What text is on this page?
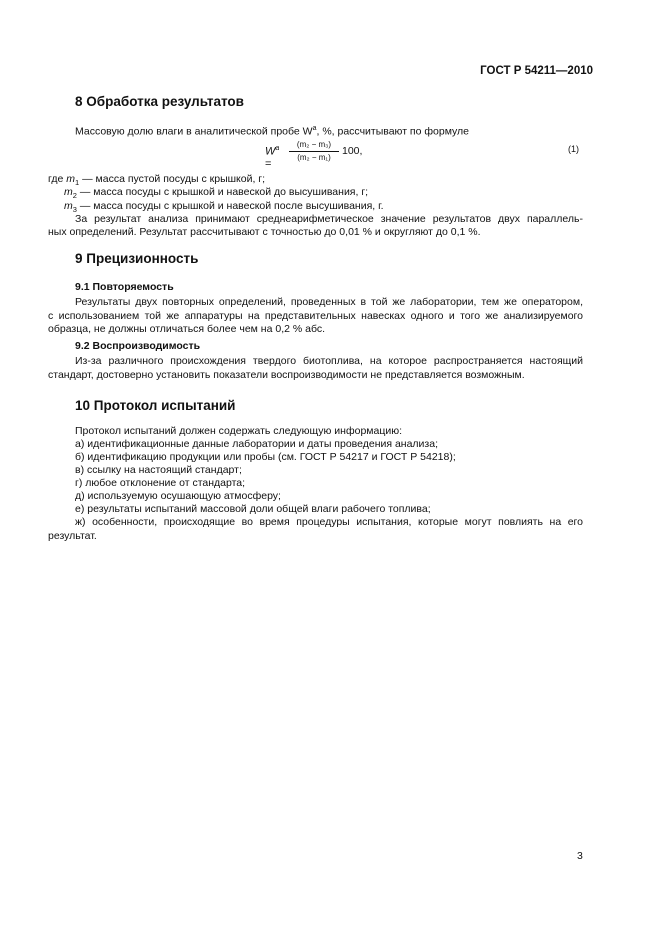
ГОСТ Р 54211—2010
8 Обработка результатов
Массовую долю влаги в аналитической пробе $W^a$, %, рассчитывают по формуле
$W^a$ =
(m₂ − m₃)
(m₂ − m₁)
100,	(1)
где $m_1$ — масса пустой посуды с крышкой, г;
$m_2$ — масса посуды с крышкой и навеской до высушивания, г;
$m_3$ — масса посуды с крышкой и навеской после высушивания, г.
За результат анализа принимают среднеарифметическое значение результатов двух параллель-
ных определений. Результат рассчитывают с точностью до 0,01 % и округляют до 0,1 %.
9 Прецизионность
9.1 Повторяемость
Результаты двух повторных определений, проведенных в той же лаборатории, тем же оператором,
с использованием той же аппаратуры на представительных навесках одного и того же анализируемого
образца, не должны отличаться более чем на 0,2 % абс.
9.2 Воспроизводимость
Из-за различного происхождения твердого биотоплива, на которое распространяется настоящий
стандарт, достоверно установить показатели воспроизводимости не представляется возможным.
10 Протокол испытаний
Протокол испытаний должен содержать следующую информацию:
а) идентификационные данные лаборатории и даты проведения анализа;
б) идентификацию продукции или пробы (см. ГОСТ Р 54217 и ГОСТ Р 54218);
в) ссылку на настоящий стандарт;
г) любое отклонение от стандарта;
д) используемую осушающую атмосферу;
е) результаты испытаний массовой доли общей влаги рабочего топлива;
ж) особенности, происходящие во время процедуры испытания, которые могут повлиять на его
результат.
3
